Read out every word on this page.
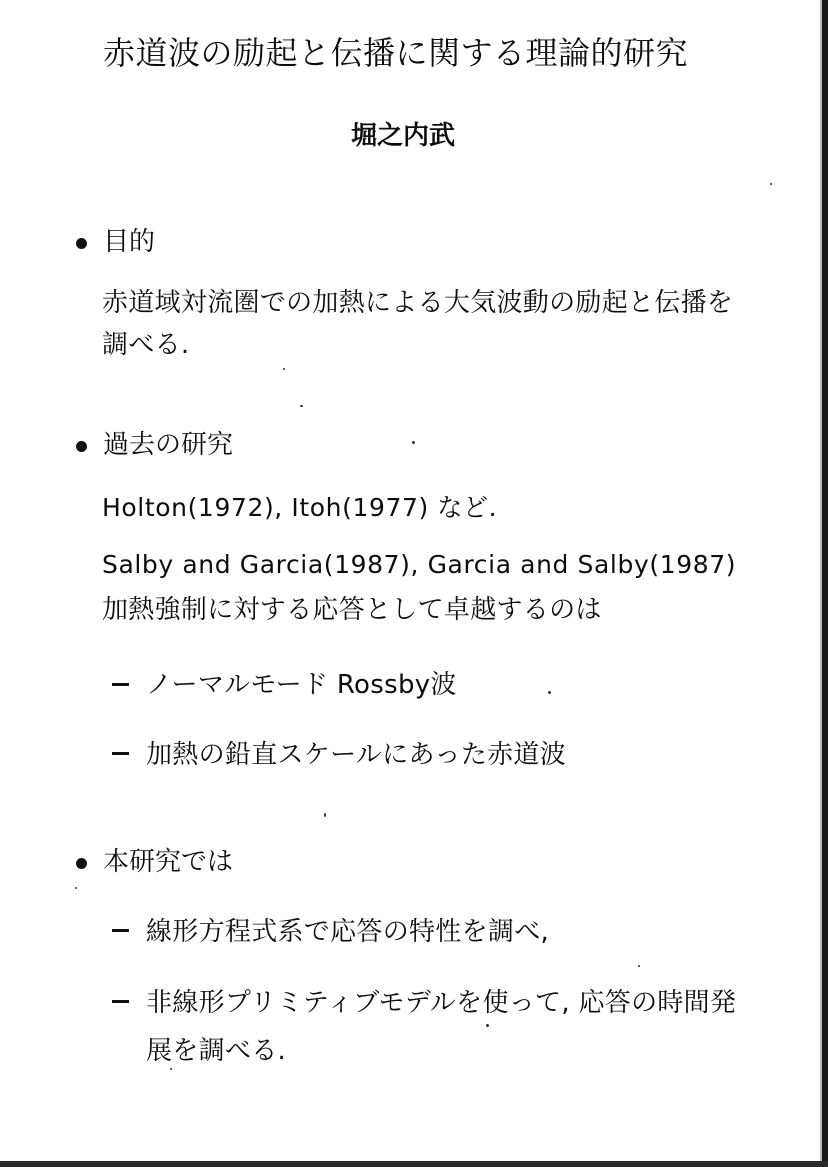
赤道波の励起と伝播に関する理論的研究
堀之内武
目的
赤道域対流圏での加熱による大気波動の励起と伝播を
調べる.
過去の研究
Holton(1972), Itoh(1977) など.
Salby and Garcia(1987), Garcia and Salby(1987)
加熱強制に対する応答として卓越するのは
ノーマルモード Rossby波
加熱の鉛直スケールにあった赤道波
本研究では
線形方程式系で応答の特性を調べ,
非線形プリミティブモデルを使って, 応答の時間発
展を調べる.
